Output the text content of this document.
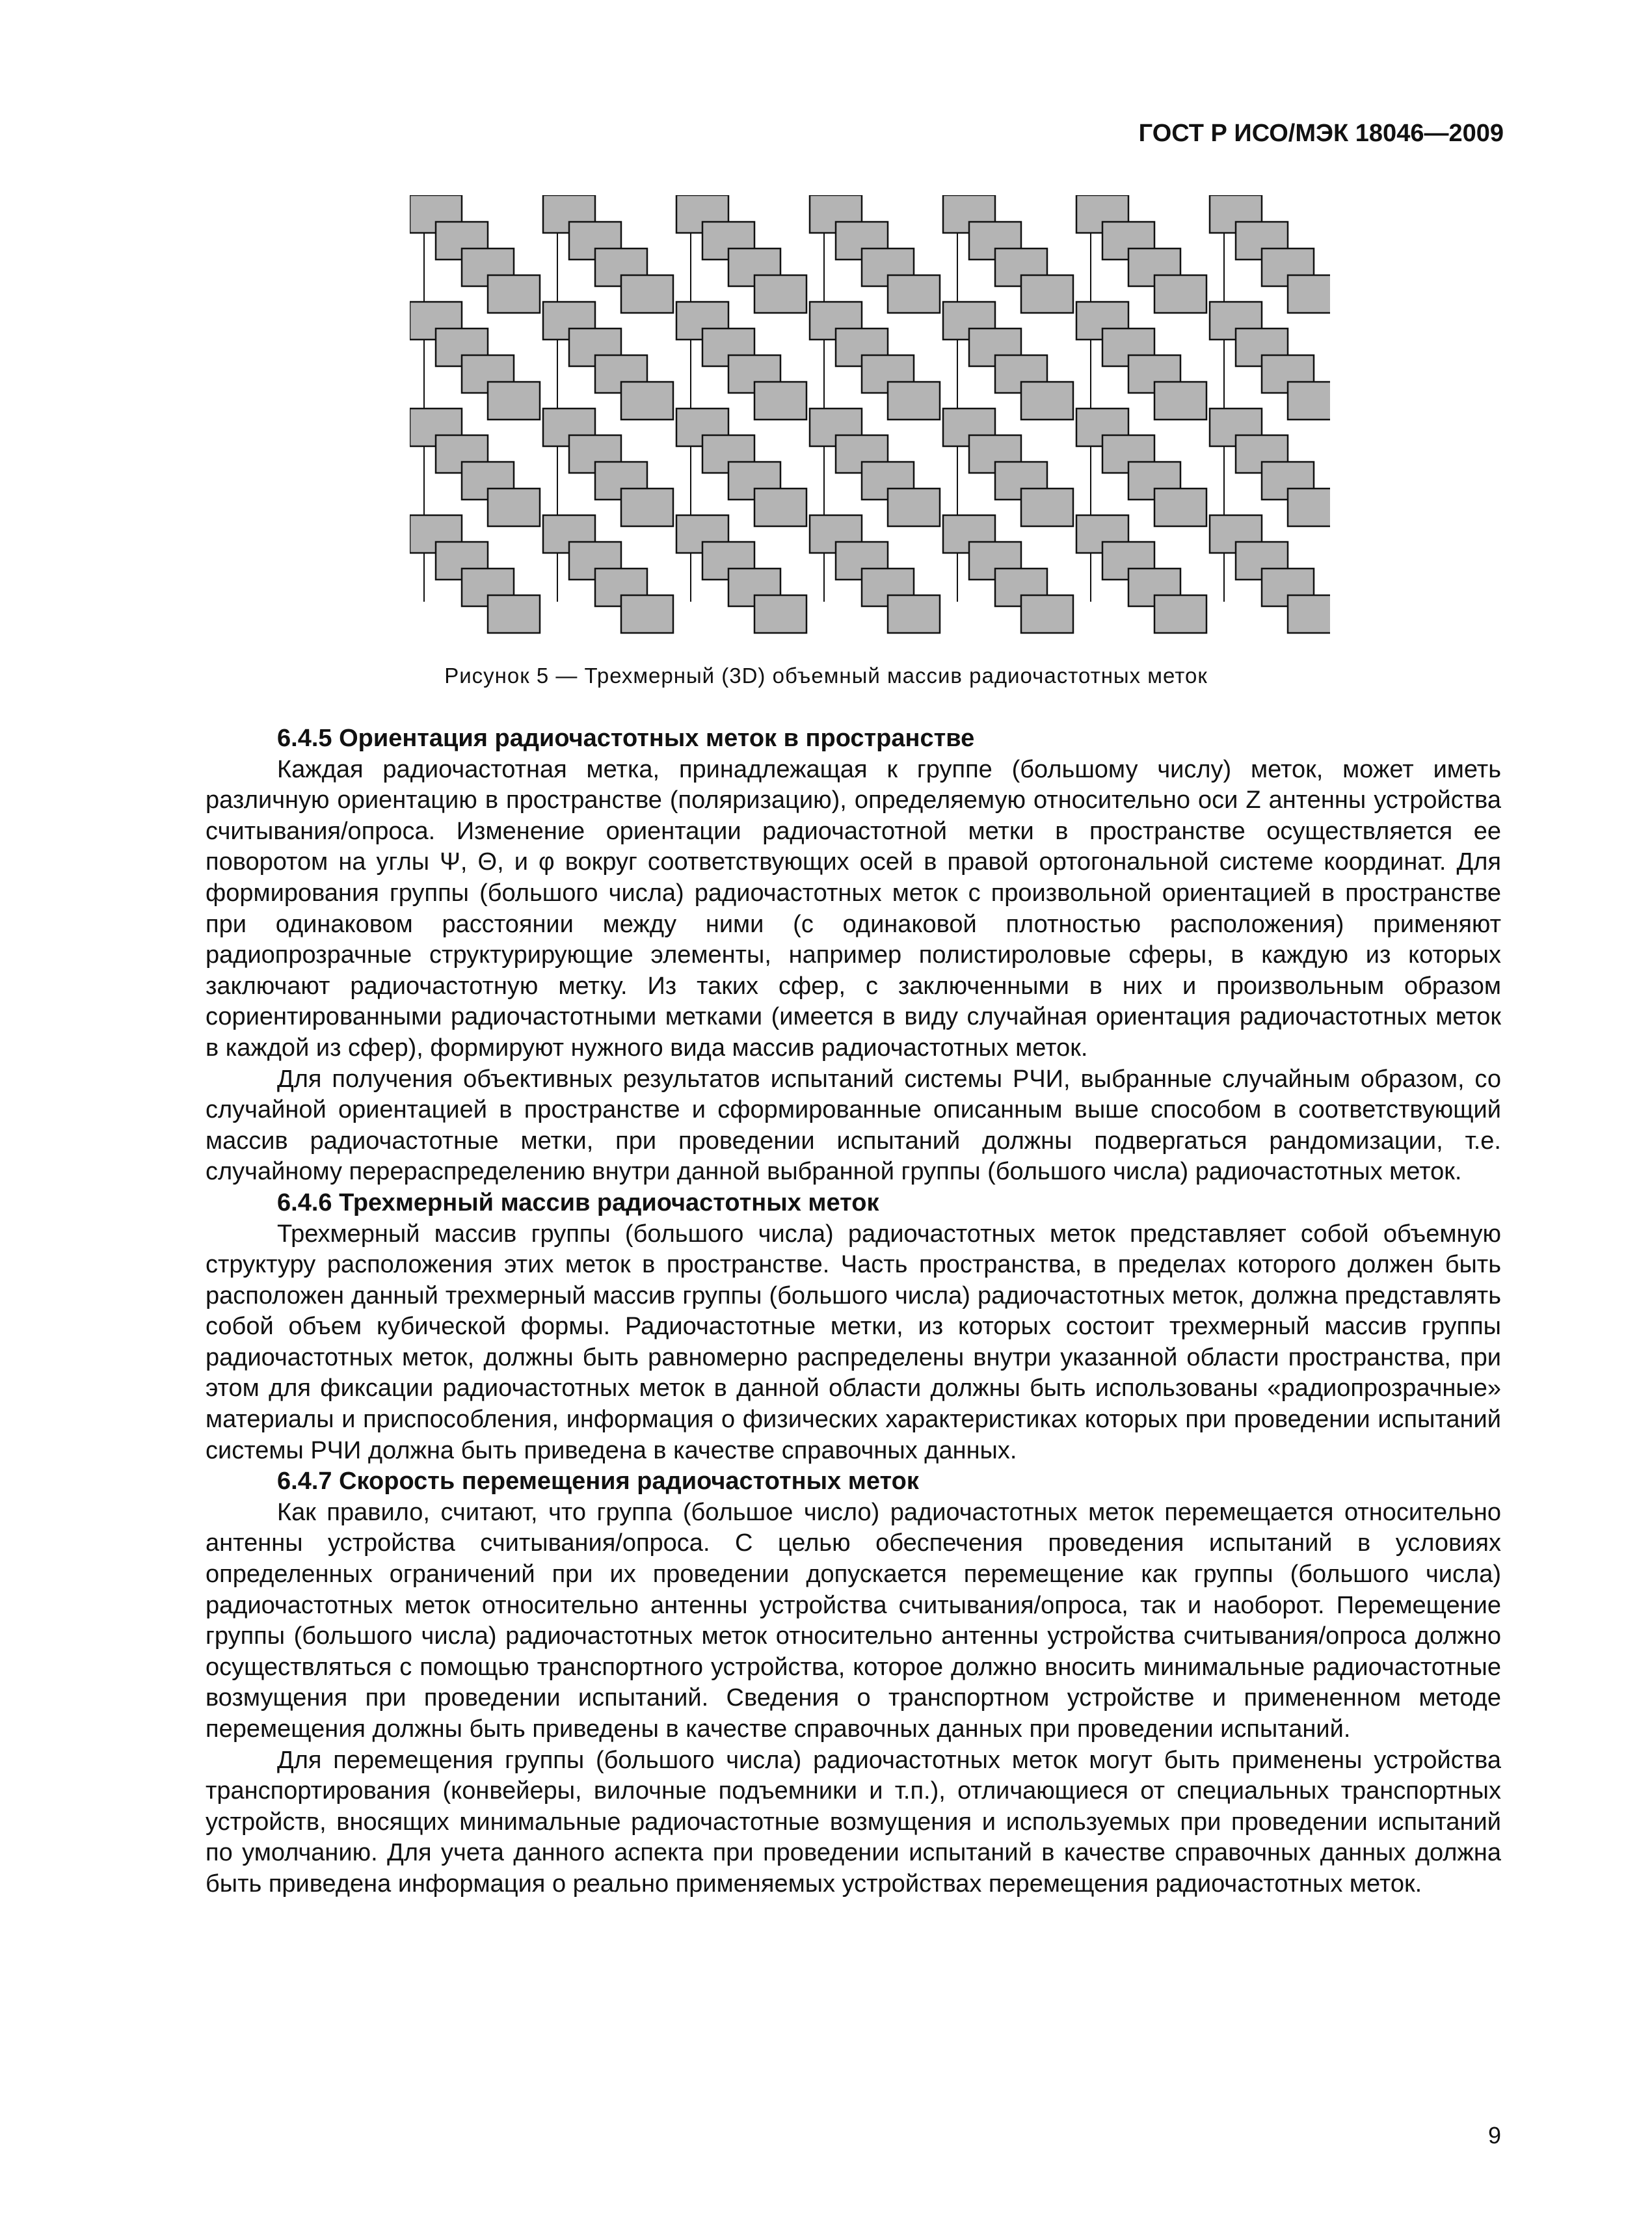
ГОСТ Р ИСО/МЭК 18046—2009
Рисунок 5 — Трехмерный (3D) объемный массив радиочастотных меток
6.4.5 Ориентация радиочастотных меток в пространстве

Каждая радиочастотная метка, принадлежащая к группе (большому числу) меток, может иметь различную ориентацию в пространстве (поляризацию), определяемую относительно оси Z антенны устройства считывания/опроса. Изменение ориентации радиочастотной метки в пространстве осуществляется ее поворотом на углы Ψ, Θ, и φ вокруг соответствующих осей в правой ортогональной системе координат. Для формирования группы (большого числа) радиочастотных меток с произвольной ориентацией в пространстве при одинаковом расстоянии между ними (с одинаковой плотностью расположения) применяют радиопрозрачные структурирующие элементы, например полистироловые сферы, в каждую из которых заключают радиочастотную метку. Из таких сфер, с заключенными в них и произвольным образом сориентированными радиочастотными метками (имеется в виду случайная ориентация радиочастотных меток в каждой из сфер), формируют нужного вида массив радиочастотных меток.

Для получения объективных результатов испытаний системы РЧИ, выбранные случайным образом, со случайной ориентацией в пространстве и сформированные описанным выше способом в соответствующий массив радиочастотные метки, при проведении испытаний должны подвергаться рандомизации, т.е. случайному перераспределению внутри данной выбранной группы (большого числа) радиочастотных меток.

6.4.6 Трехмерный массив радиочастотных меток

Трехмерный массив группы (большого числа) радиочастотных меток представляет собой объемную структуру расположения этих меток в пространстве. Часть пространства, в пределах которого должен быть расположен данный трехмерный массив группы (большого числа) радиочастотных меток, должна представлять собой объем кубической формы. Радиочастотные метки, из которых состоит трехмерный массив группы радиочастотных меток, должны быть равномерно распределены внутри указанной области пространства, при этом для фиксации радиочастотных меток в данной области должны быть использованы «радиопрозрачные» материалы и приспособления, информация о физических характеристиках которых при проведении испытаний системы РЧИ должна быть приведена в качестве справочных данных.

6.4.7 Скорость перемещения радиочастотных меток

Как правило, считают, что группа (большое число) радиочастотных меток перемещается относительно антенны устройства считывания/опроса. С целью обеспечения проведения испытаний в условиях определенных ограничений при их проведении допускается перемещение как группы (большого числа) радиочастотных меток относительно антенны устройства считывания/опроса, так и наоборот. Перемещение группы (большого числа) радиочастотных меток относительно антенны устройства считывания/опроса должно осуществляться с помощью транспортного устройства, которое должно вносить минимальные радиочастотные возмущения при проведении испытаний. Сведения о транспортном устройстве и примененном методе перемещения должны быть приведены в качестве справочных данных при проведении испытаний.

Для перемещения группы (большого числа) радиочастотных меток могут быть применены устройства транспортирования (конвейеры, вилочные подъемники и т.п.), отличающиеся от специальных транспортных устройств, вносящих минимальные радиочастотные возмущения и используемых при проведении испытаний по умолчанию. Для учета данного аспекта при проведении испытаний в качестве справочных данных должна быть приведена информация о реально применяемых устройствах перемещения радиочастотных меток.

9
